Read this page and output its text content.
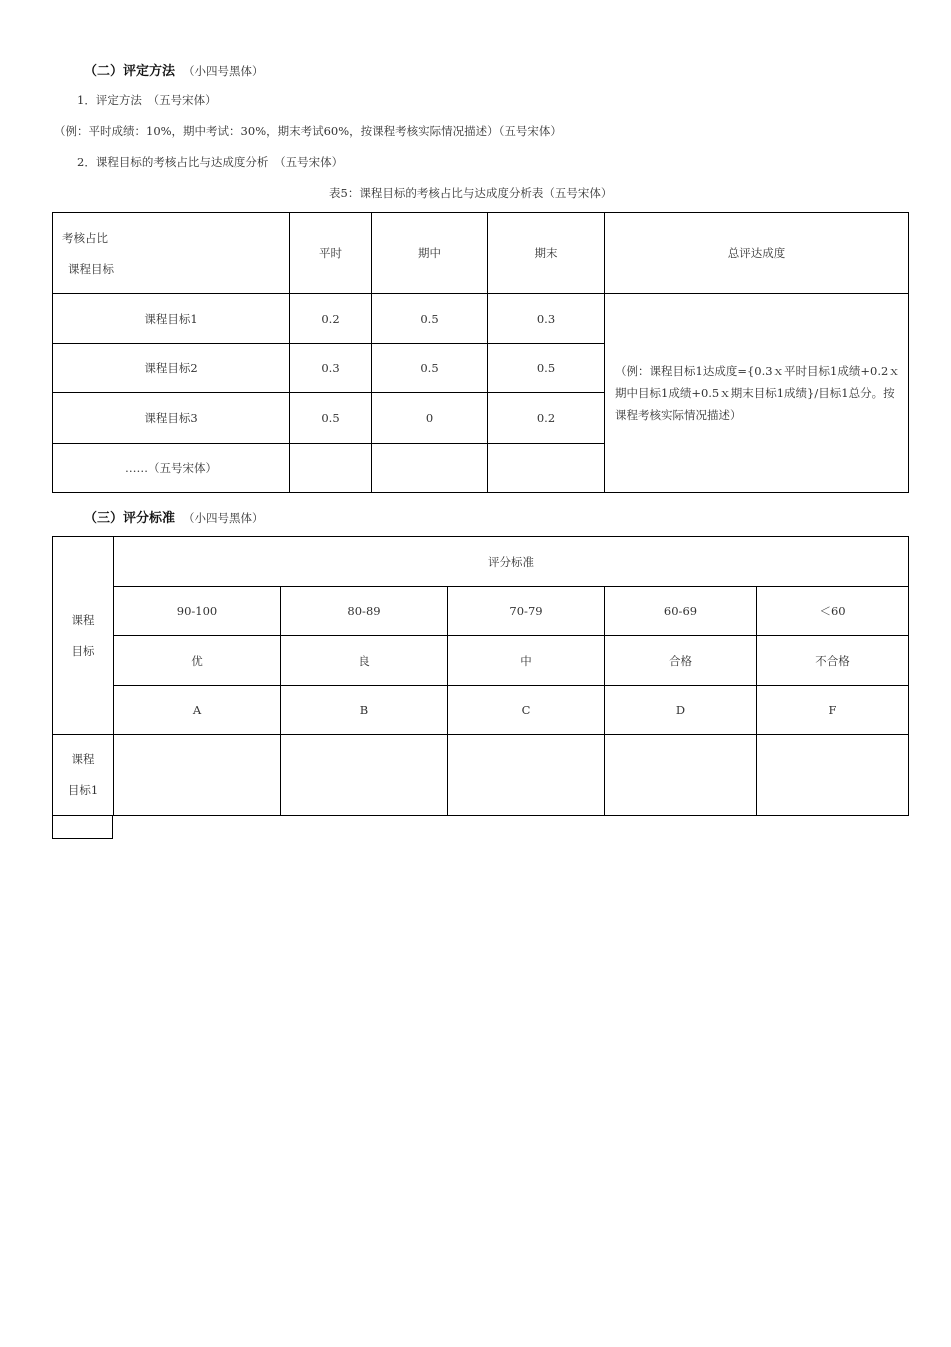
（二）评定方法 （小四号黑体）
1．评定方法　（五号宋体）
（例：平时成绩：10%，期中考试：30%，期末考试60%，按课程考核实际情况描述）（五号宋体）
2．课程目标的考核占比与达成度分析　（五号宋体）
表5：课程目标的考核占比与达成度分析表（五号宋体）
考核占比
课程目标	平时	期中	期末	总评达成度
课程目标1	0.2	0.5	0.3	（例：课程目标1达成度={0.3ｘ平时目标1成绩+0.2ｘ期中目标1成绩+0.5ｘ期末目标1成绩}/目标1总分。按课程考核实际情况描述）
课程目标2	0.3	0.5	0.5	
课程目标3	0.5	0	0.2	
……（五号宋体）				
（三）评分标准 （小四号黑体）
课程
目标	评分标准				
	90-100	80-89	70-79	60-69	＜60
	优	良	中	合格	不合格
	A	B	C	D	F

课程
目标1					
